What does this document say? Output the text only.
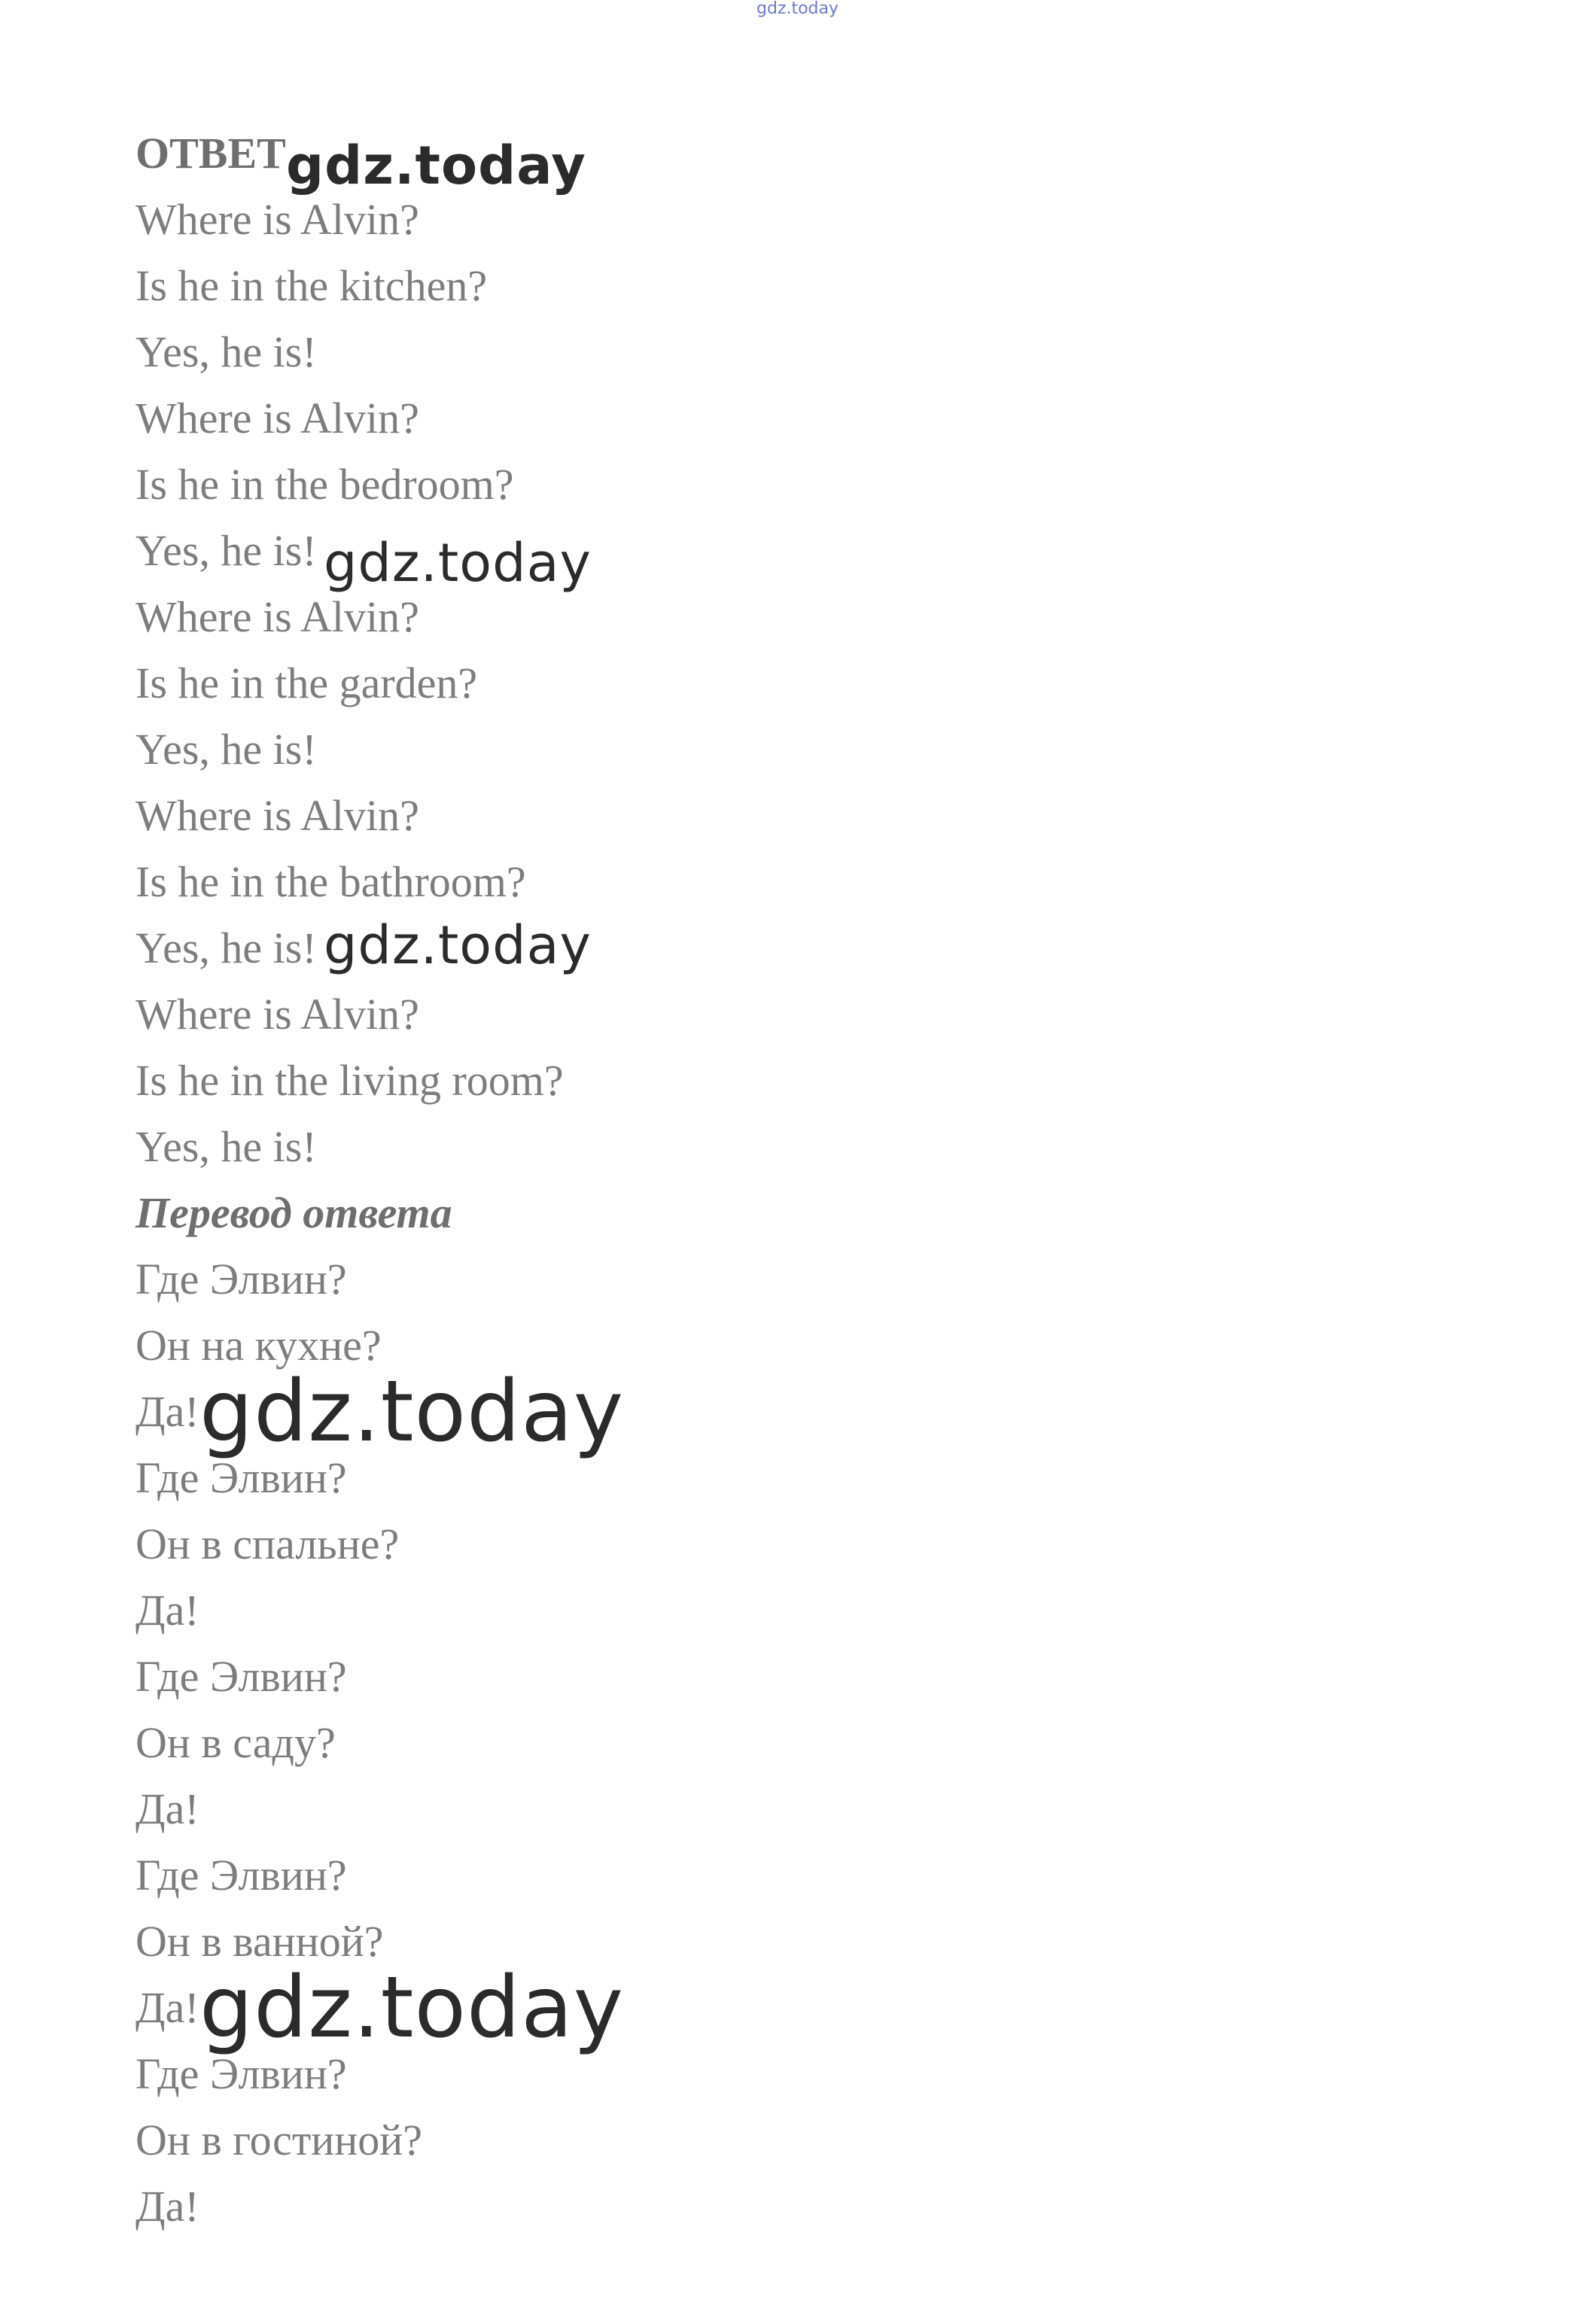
gdz.today
ОТВЕТ gdz.today
Where is Alvin?
Is he in the kitchen?
Yes, he is!
Where is Alvin?
Is he in the bedroom?
Yes, he is! gdz.today
Where is Alvin?
Is he in the garden?
Yes, he is!
Where is Alvin?
Is he in the bathroom?
Yes, he is! gdz.today
Where is Alvin?
Is he in the living room?
Yes, he is!
Перевод ответа
Где Элвин?
Он на кухне?
Да! gdz.today
Где Элвин?
Он в спальне?
Да!
Где Элвин?
Он в саду?
Да!
Где Элвин?
Он в ванной?
Да! gdz.today
Где Элвин?
Он в гостиной?
Да!
